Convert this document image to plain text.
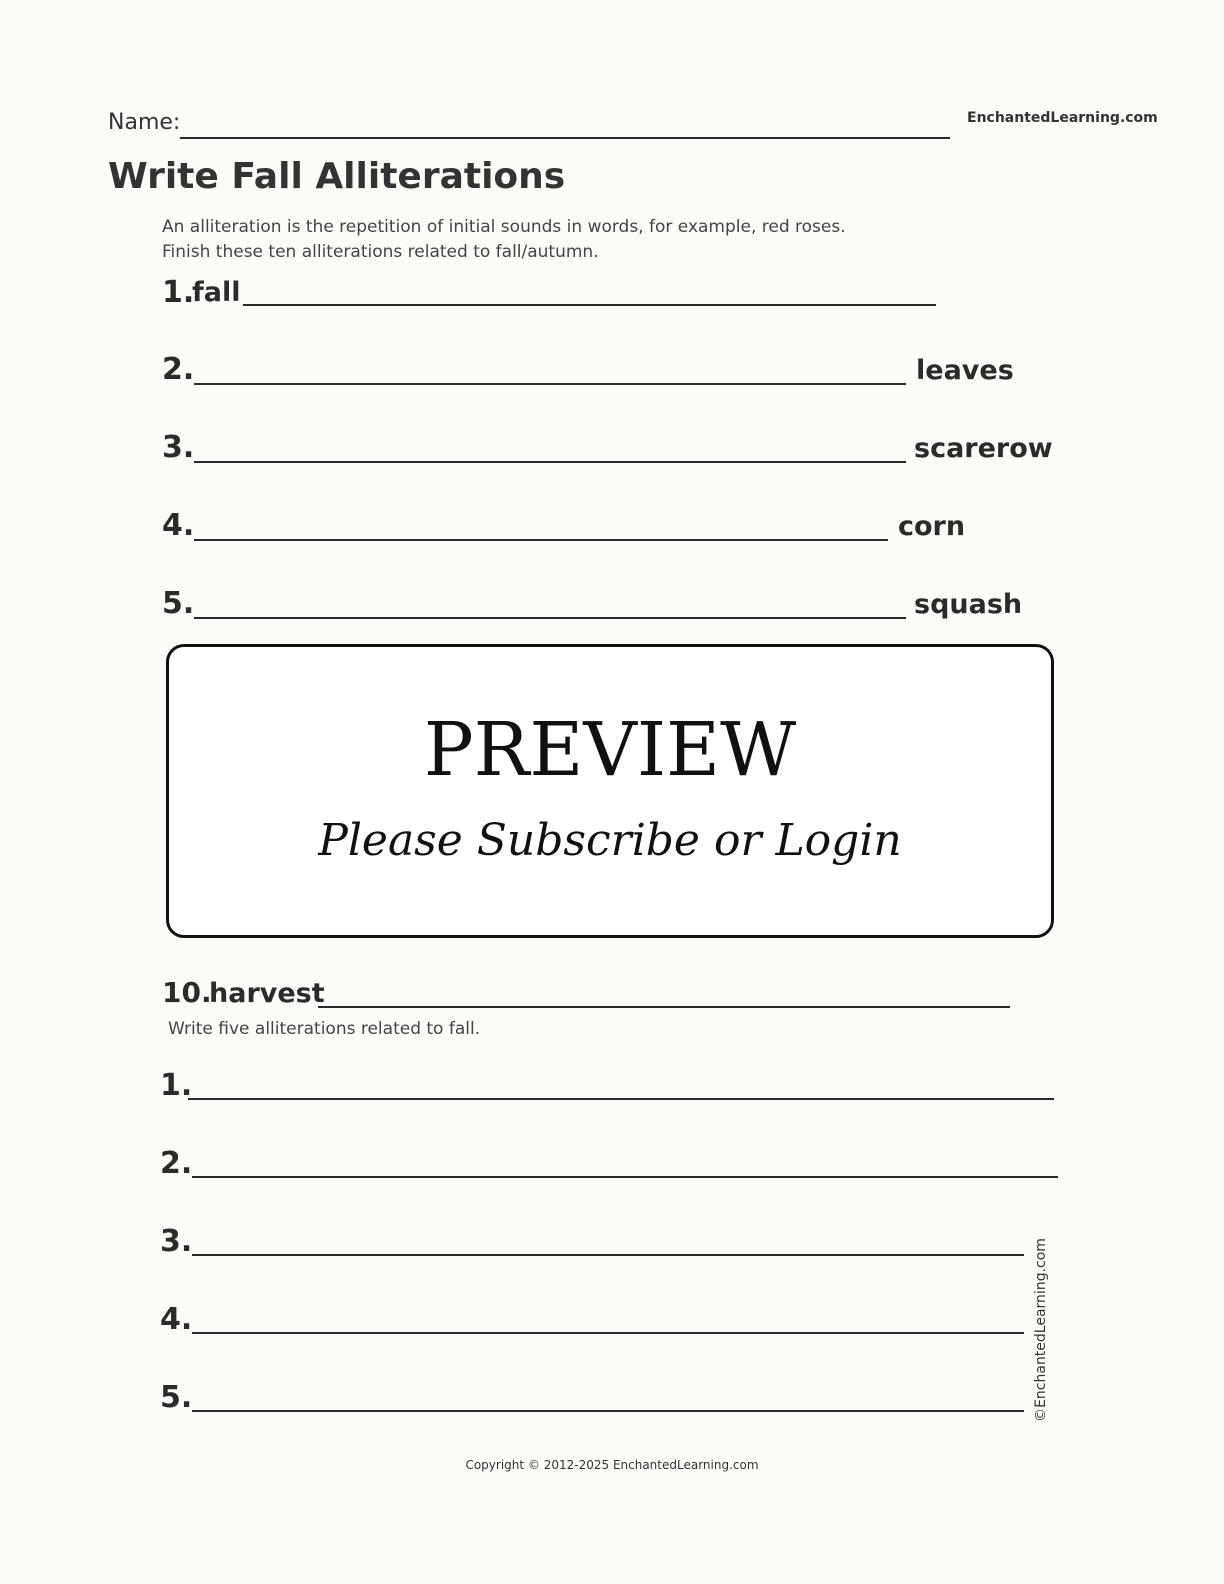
Name:	EnchantedLearning.com
Write Fall Alliterations
An alliteration is the repetition of initial sounds in words, for example, red roses.
Finish these ten alliterations related to fall/autumn.
1.
fall
2.	leaves
3.	scarerow
4.	corn
5.	squash
PREVIEW
Please Subscribe or Login
10.
harvest
Write five alliterations related to fall.
1.
2.
3.
4.
5.	©EnchantedLearning.com
Copyright © 2012-2025 EnchantedLearning.com
